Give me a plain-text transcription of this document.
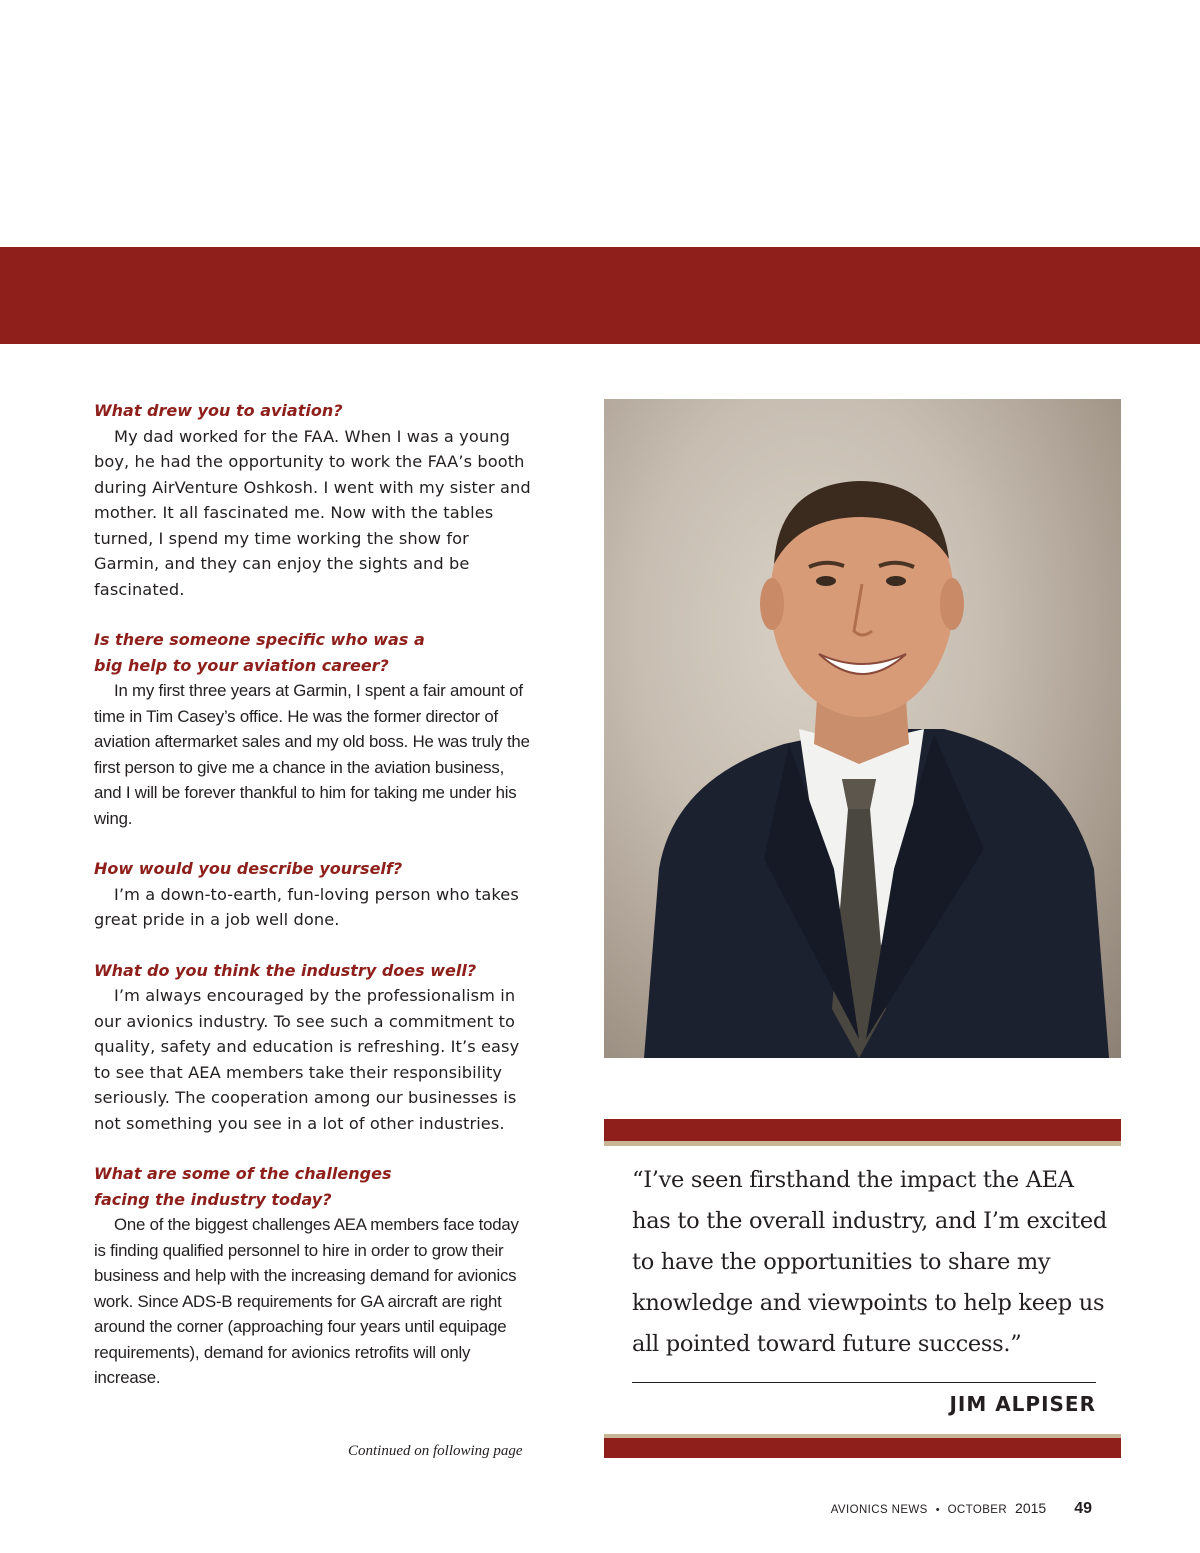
What drew you to aviation?

My dad worked for the FAA. When I was a young boy, he had the opportunity to work the FAA’s booth during AirVenture Oshkosh. I went with my sister and mother. It all fascinated me. Now with the tables turned, I spend my time working the show for Garmin, and they can enjoy the sights and be fascinated.

Is there someone specific who was a
big help to your aviation career?

In my first three years at Garmin, I spent a fair amount of time in Tim Casey’s office. He was the former director of aviation aftermarket sales and my old boss. He was truly the first person to give me a chance in the aviation business, and I will be forever thankful to him for taking me under his wing.

How would you describe yourself?

I’m a down-to-earth, fun-loving person who takes great pride in a job well done.

What do you think the industry does well?

I’m always encouraged by the professionalism in our avionics industry. To see such a commitment to quality, safety and education is refreshing. It’s easy to see that AEA members take their responsibility seriously. The cooperation among our businesses is not something you see in a lot of other industries.

What are some of the challenges
facing the industry today?

One of the biggest challenges AEA members face today is finding qualified personnel to hire in order to grow their business and help with the increasing demand for avionics work. Since ADS-B requirements for GA aircraft are right around the corner (approaching four years until equipage requirements), demand for avionics retrofits will only increase.

Continued on following page

“I’ve seen firsthand the impact the AEA has to the overall industry, and I’m excited to have the opportunities to share my knowledge and viewpoints to help keep us all pointed toward future success.”

JIM ALPISER
AVIONICS NEWS • OCTOBER 2015 49
